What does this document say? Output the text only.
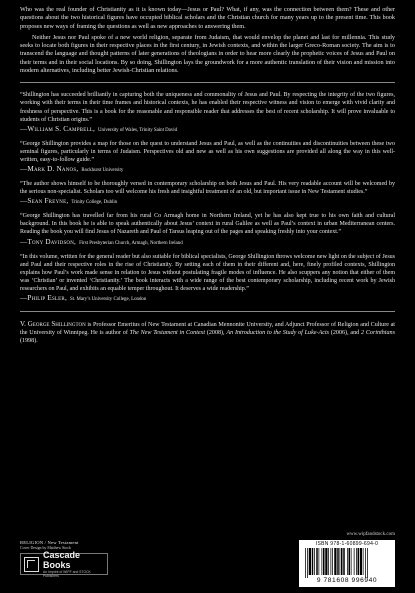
Who was the real founder of Christianity as it is known today—Jesus or Paul? What, if any, was the connection between them? These and other questions about the two historical figures have occupied biblical scholars and the Christian church for many years up to the present time. This book proposes new ways of framing the questions as well as new approaches to answering them.

Neither Jesus nor Paul spoke of a new world religion, separate from Judaism, that would envelop the planet and last for millennia. This study seeks to locate both figures in their respective places in the first century, in Jewish contexts, and within the larger Greco-Roman society. The aim is to transcend the language and thought patterns of later generations of theologians in order to hear more clearly the prophetic voices of Jesus and Paul on their terms and in their social locations. By so doing, Shillington lays the groundwork for a more authentic translation of their vision and mission into modern alternatives, including better Jewish-Christian relations.

“Shillington has succeeded brilliantly in capturing both the uniqueness and commonality of Jesus and Paul. By respecting the integrity of the two figures, working with their terms in their time frames and historical contexts, he has enabled their respective witness and vision to emerge with vivid clarity and freshness of perspective. This is a book for the reasonable and responsible reader that addresses the best of recent scholarship. It will prove invaluable to students of Christian origins.”

—William S. Campbell, University of Wales, Trinity Saint David

“George Shillington provides a map for those on the quest to understand Jesus and Paul, as well as the continuities and discontinuities between these two seminal figures, particularly in terms of Judaism. Perspectives old and new as well as his own suggestions are provided all along the way in this well-written, easy-to-follow guide.”

—Mark D. Nanos, Rockhurst University

“The author shows himself to be thoroughly versed in contemporary scholarship on both Jesus and Paul. His very readable account will be welcomed by the serious non-specialist. Scholars too will welcome his fresh and insightful treatment of an old, but important issue in New Testament studies.”

—Sean Freyne, Trinity College, Dublin

“George Shillington has travelled far from his rural Co Armagh home in Northern Ireland, yet he has also kept true to his own faith and cultural background. In this book he is able to speak authentically about Jesus’ context in rural Galilee as well as Paul’s context in urban Mediterranean centers. Reading the book you will find Jesus of Nazareth and Paul of Tarsus leaping out of the pages and speaking freshly into your context.”

—Tony Davidson, First Presbyterian Church, Armagh, Northern Ireland

“In this volume, written for the general reader but also suitable for biblical specialists, George Shillington throws welcome new light on the subject of Jesus and Paul and their respective roles in the rise of Christianity. By setting each of them in their different and, here, finely profiled contexts, Shillington explains how Paul’s work made sense in relation to Jesus without postulating fragile modes of influence. He also scuppers any notion that either of them was ‘Christian’ or invented ‘Christianity.’ The book interacts with a wide range of the best contemporary scholarship, including recent work by Jewish researchers on Paul, and exhibits an equable temper throughout. It deserves a wide readership.”

—Philip Esler, St. Mary’s University College, London

V. George Shillington is Professor Emeritus of New Testament at Canadian Mennonite University, and Adjunct Professor of Religion and Culture at the University of Winnipeg. He is author of The New Testament in Context (2008), An Introduction to the Study of Luke-Acts (2006), and 2 Corinthians (1998).

RELIGION / New Testament
Cover Design by Matthew Stock
Cascade Books
An Imprint of WIPF and STOCK Publishers
www.wipfandstock.com
ISBN 978-1-60899-694-0
9 781608 996940
